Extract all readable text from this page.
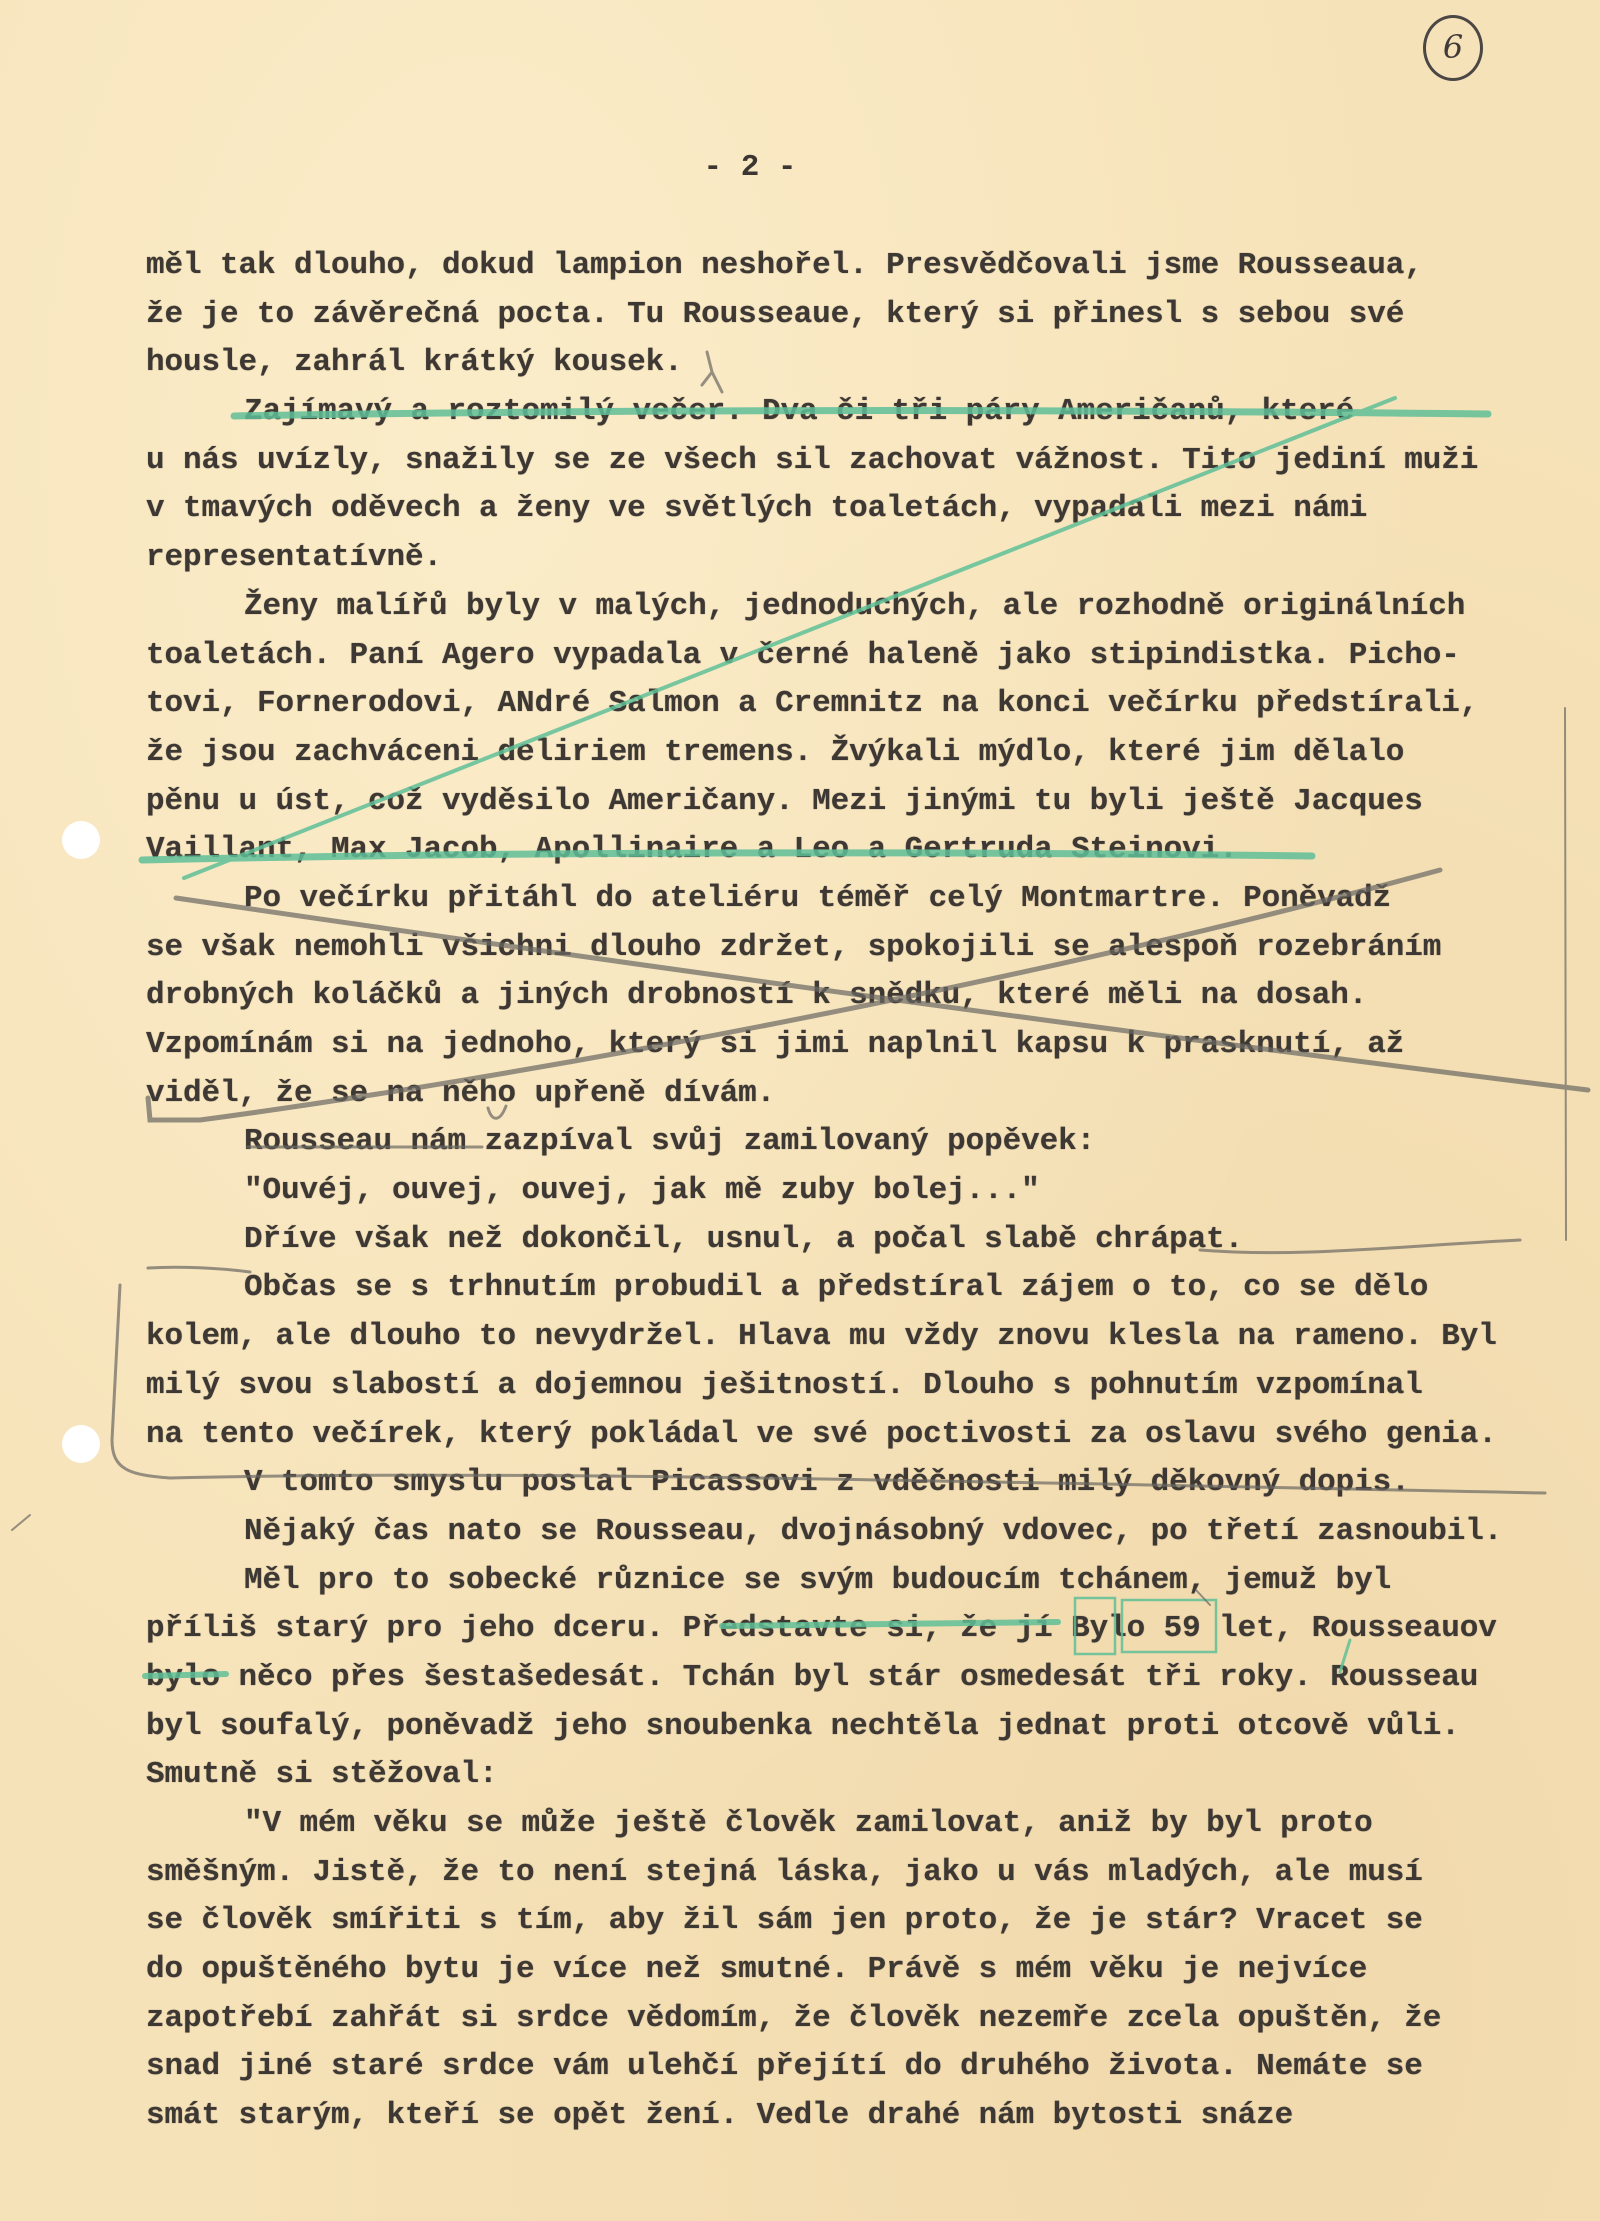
6
- 2 -
měl tak dlouho, dokud lampion neshořel. Presvědčovali jsme Rousseaua,
že je to závěrečná pocta. Tu Rousseaue, který si přinesl s sebou své
housle, zahrál krátký kousek.
Zajímavý a roztomilý večer. Dva či tři páry Američanů, které
u nás uvízly, snažily se ze všech sil zachovat vážnost. Tito jediní muži
v tmavých oděvech a ženy ve světlých toaletách, vypadali mezi námi
representatívně.
Ženy malířů byly v malých, jednoduchých, ale rozhodně originálních
toaletách. Paní Agero vypadala v černé haleně jako stipindistka. Picho-
tovi, Fornerodovi, ANdré Salmon a Cremnitz na konci večírku předstírali,
že jsou zachváceni deliriem tremens. Žvýkali mýdlo, které jim dělalo
pěnu u úst, což vyděsilo Američany. Mezi jinými tu byli ještě Jacques
Vaillant, Max Jacob, Apollinaire a Leo a Gertruda Steinovi.
Po večírku přitáhl do ateliéru téměř celý Montmartre. Poněvadž
se však nemohli všichni dlouho zdržet, spokojili se alespoň rozebráním
drobných koláčků a jiných drobností k snědku, které měli na dosah.
Vzpomínám si na jednoho, který si jimi naplnil kapsu k prasknutí, až
viděl, že se na něho upřeně dívám.
Rousseau nám zazpíval svůj zamilovaný popěvek:
"Ouvéj, ouvej, ouvej, jak mě zuby bolej..."
Dříve však než dokončil, usnul, a počal slabě chrápat.
Občas se s trhnutím probudil a předstíral zájem o to, co se dělo
kolem, ale dlouho to nevydržel. Hlava mu vždy znovu klesla na rameno. Byl
milý svou slabostí a dojemnou ješitností. Dlouho s pohnutím vzpomínal
na tento večírek, který pokládal ve své poctivosti za oslavu svého genia.
V tomto smyslu poslal Picassovi z vděčnosti milý děkovný dopis.
Nějaký čas nato se Rousseau, dvojnásobný vdovec, po třetí zasnoubil.
Měl pro to sobecké různice se svým budoucím tchánem, jemuž byl
příliš starý pro jeho dceru. Představte si, že jí Bylo 59 let, Rousseauov
bylo něco přes šestašedesát. Tchán byl stár osmedesát tři roky. Rousseau
byl soufalý, poněvadž jeho snoubenka nechtěla jednat proti otcově vůli.
Smutně si stěžoval:
"V mém věku se může ještě člověk zamilovat, aniž by byl proto
směšným. Jistě, že to není stejná láska, jako u vás mladých, ale musí
se člověk smířiti s tím, aby žil sám jen proto, že je stár? Vracet se
do opuštěného bytu je více než smutné. Právě s mém věku je nejvíce
zapotřebí zahřát si srdce vědomím, že člověk nezemře zcela opuštěn, že
snad jiné staré srdce vám ulehčí přejítí do druhého života. Nemáte se
smát starým, kteří se opět žení. Vedle drahé nám bytosti snáze
